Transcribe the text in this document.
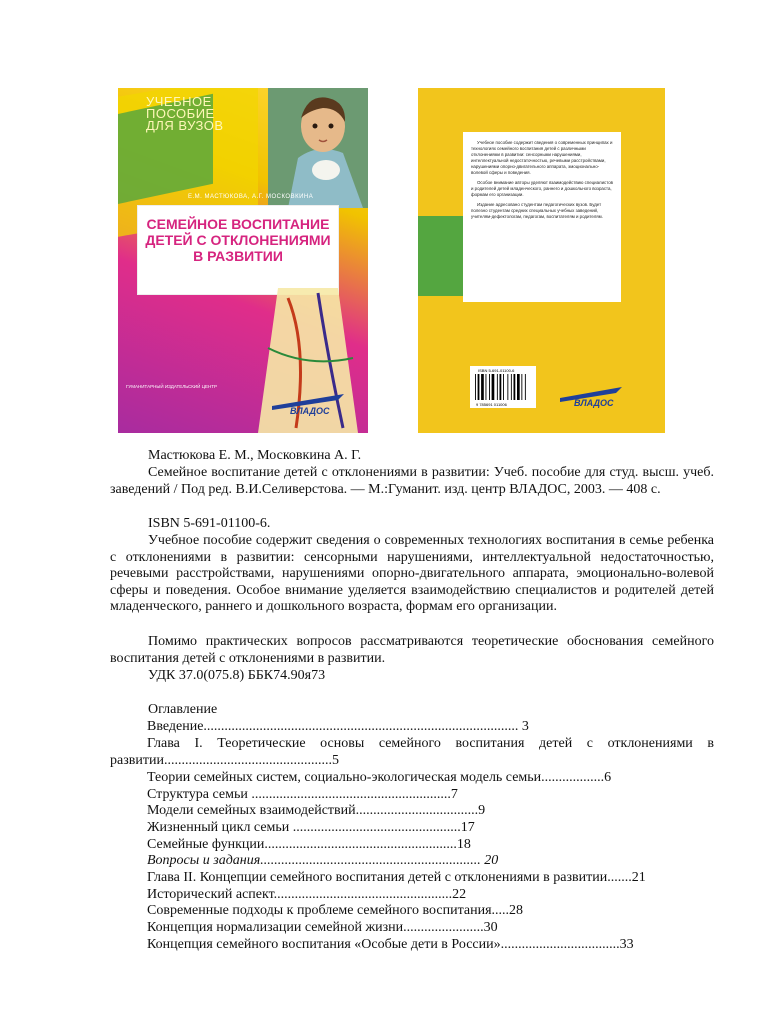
УЧЕБНОЕ
ПОСОБИЕ
ДЛЯ ВУЗОВ
Е.М. МАСТЮКОВА, А.Г. МОСКОВКИНА
СЕМЕЙНОЕ ВОСПИТАНИЕ
ДЕТЕЙ С ОТКЛОНЕНИЯМИ
В РАЗВИТИИ
ГУМАНИТАРНЫЙ ИЗДАТЕЛЬСКИЙ ЦЕНТР
ВЛАДОС

Учебное пособие содержит сведения о современных принципах и технологиях семейного воспитания детей с различными отклонениями в развитии: сенсорными нарушениями, интеллектуальной недостаточностью, речевыми расстройствами, нарушениями опорно-двигательного аппарата, эмоционально-волевой сферы и поведения.

Особое внимание авторы уделяют взаимодействию специалистов и родителей детей младенческого, раннего и дошкольного возраста, формам его организации.

Издание адресовано студентам педагогических вузов. Будет полезно студентам средних специальных учебных заведений, учителям-дефектологам, педагогам, воспитателям и родителям.

ISBN 5-691-01100-6
9 785691 011006	ВЛАДОС

Мастюкова Е. М., Московкина А. Г.

Семейное воспитание детей с отклонениями в развитии: Учеб. пособие для студ. высш. учеб. заведений / Под ред. В.И.Селиверстова. — М.:Гуманит. изд. центр ВЛАДОС, 2003. — 408 с.

ISBN 5-691-01100-6.

Учебное пособие содержит сведения о современных технологиях воспитания в семье ребенка с отклонениями в развитии: сенсорными нарушениями, интеллектуальной недостаточностью, речевыми расстройствами, нарушениями опорно-двигательного аппарата, эмоционально-волевой сферы и поведения. Особое внимание уделяется взаимодействию специалистов и родителей детей младенческого, раннего и дошкольного возраста, формам его организации.

Помимо практических вопросов рассматриваются теоретические обоснования семейного воспитания детей с отклонениями в развитии.

УДК 37.0(075.8) ББК74.90я73

Оглавление

Введение.......................................................................................... 3
Глава I. Теоретические основы семейного воспитания детей с отклонениями в развитии................................................5
Теории семейных систем, социально-экологическая модель семьи..................6
Структура семьи .........................................................7
Модели семейных взаимодействий...................................9
Жизненный цикл семьи ................................................17
Семейные функции.......................................................18
Вопросы и задания............................................................... 20
Глава II. Концепции семейного воспитания детей с отклонениями в развитии.......21
Исторический аспект...................................................22
Современные подходы к проблеме семейного воспитания.....28
Концепция нормализации семейной жизни.......................30
Концепция семейного воспитания «Особые дети в России»..................................33
